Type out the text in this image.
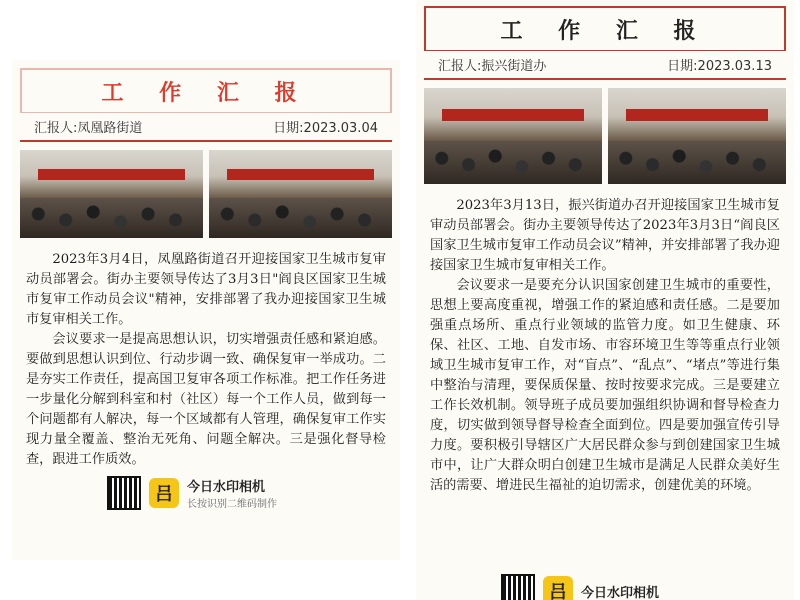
工 作 汇 报
汇报人:凤凰路街道	日期:2023.03.04

2023年3月4日，凤凰路街道召开迎接国家卫生城市复审动员部署会。街办主要领导传达了3月3日"阎良区国家卫生城市复审工作动员会议"精神，安排部署了我办迎接国家卫生城市复审相关工作。

会议要求一是提高思想认识，切实增强责任感和紧迫感。要做到思想认识到位、行动步调一致、确保复审一举成功。二是夯实工作责任，提高国卫复审各项工作标准。把工作任务进一步量化分解到科室和村（社区）每一个工作人员，做到每一个问题都有人解决，每一个区域都有人管理，确保复审工作实现力量全覆盖、整治无死角、问题全解决。三是强化督导检查，跟进工作质效。

吕	今日水印相机
长按识别二维码制作
工 作 汇 报
汇报人:振兴街道办	日期:2023.03.13

2023年3月13日，振兴街道办召开迎接国家卫生城市复审动员部署会。街办主要领导传达了2023年3月3日“阎良区国家卫生城市复审工作动员会议”精神，并安排部署了我办迎接国家卫生城市复审相关工作。

会议要求一是要充分认识国家创建卫生城市的重要性，思想上要高度重视，增强工作的紧迫感和责任感。二是要加强重点场所、重点行业领域的监管力度。如卫生健康、环保、社区、工地、自发市场、市容环境卫生等等重点行业领域卫生城市复审工作，对“盲点”、“乱点”、“堵点”等进行集中整治与清理，要保质保量、按时按要求完成。三是要建立工作长效机制。领导班子成员要加强组织协调和督导检查力度，切实做到领导督导检查全面到位。四是要加强宣传引导力度。要积极引导辖区广大居民群众参与到创建国家卫生城市中，让广大群众明白创建卫生城市是满足人民群众美好生活的需要、增进民生福祉的迫切需求，创建优美的环境。

吕	今日水印相机
